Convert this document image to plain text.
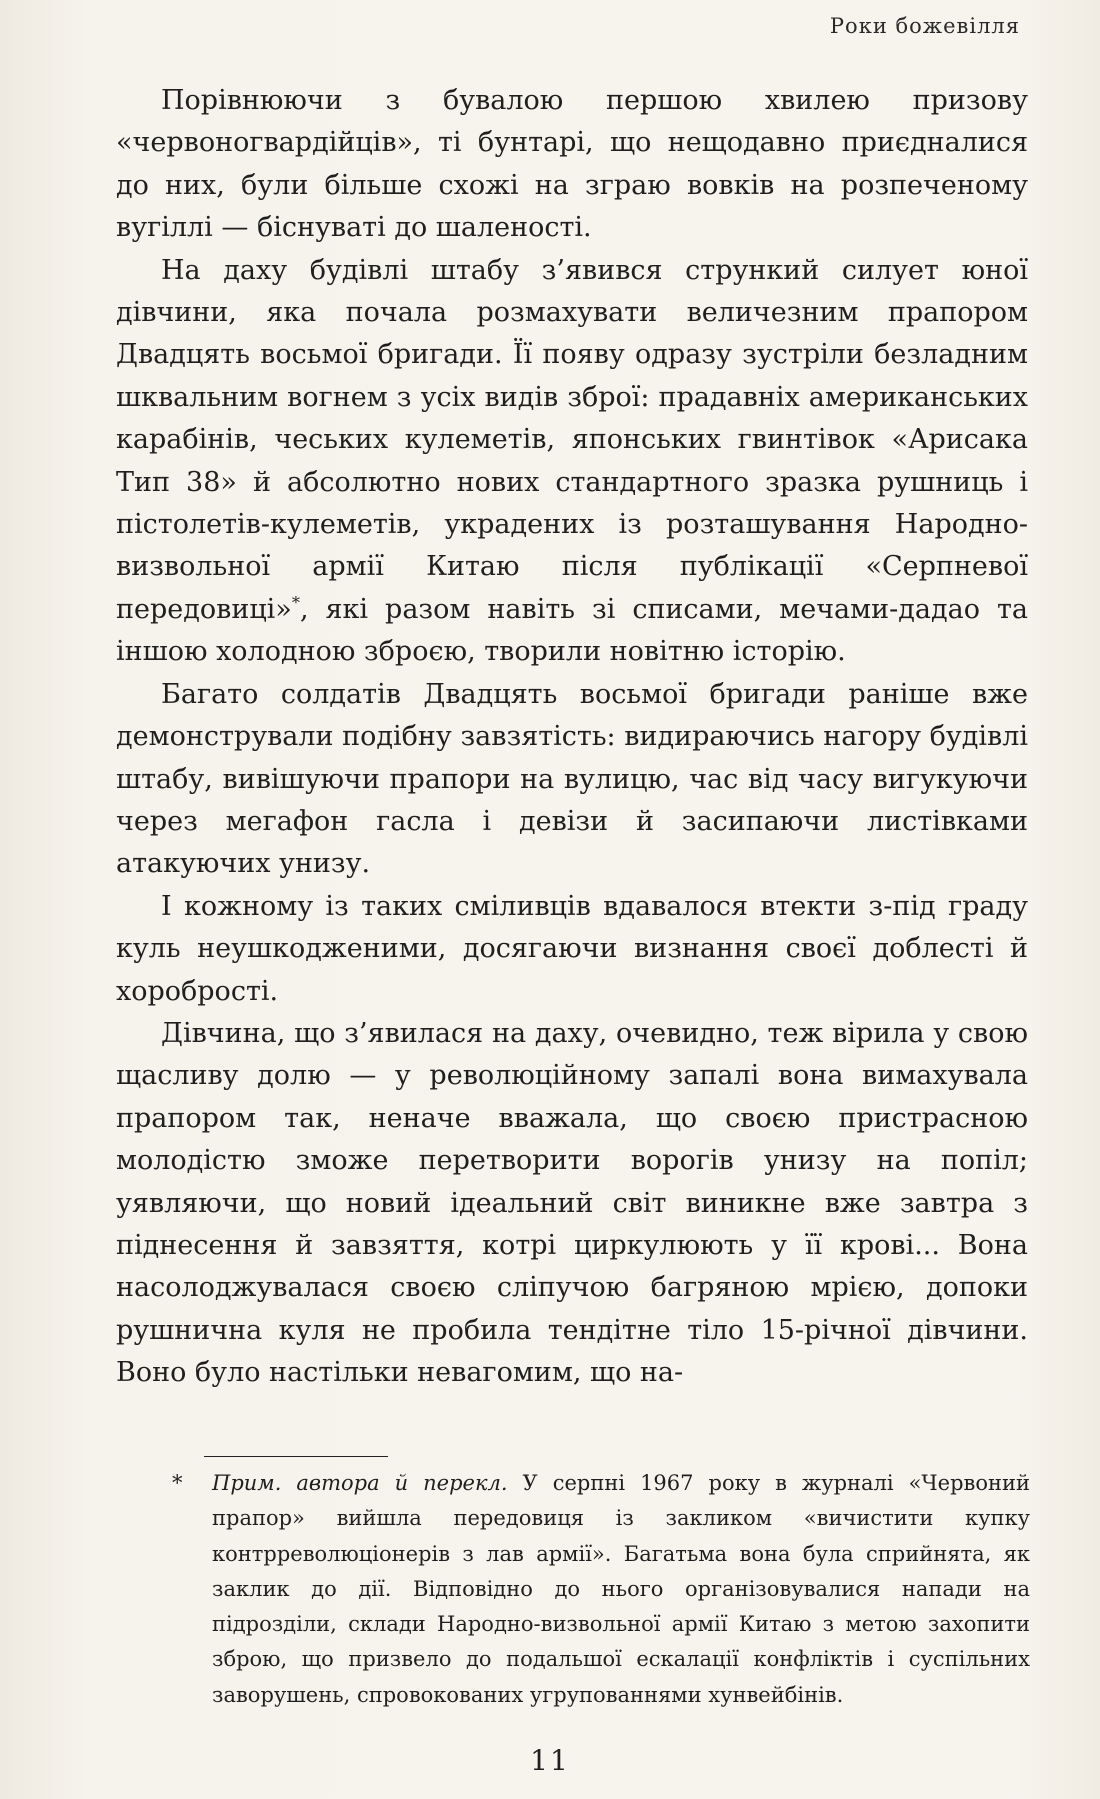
Роки божевілля

Порівнюючи з бувалою першою хвилею призову «червоногвардійців», ті бунтарі, що нещодавно приєдналися до них, були більше схожі на зграю вовків на розпеченому вугіллі — біснуваті до шаленості.

На даху будівлі штабу з’явився стрункий силует юної дівчини, яка почала розмахувати величезним прапором Двадцять восьмої бригади. Її появу одразу зустріли безладним шквальним вогнем з усіх видів зброї: прадавніх американських карабінів, чеських кулеметів, японських гвинтівок «Арисака Тип 38» й абсолютно нових стандартного зразка рушниць і пістолетів-кулеметів, украдених із розташування Народно-визвольної армії Китаю після публікації «Серпневої передовиці»*, які разом навіть зі списами, мечами-дадао та іншою холодною зброєю, творили новітню історію.

Багато солдатів Двадцять восьмої бригади раніше вже демонстрували подібну завзятість: видираючись нагору будівлі штабу, вивішуючи прапори на вулицю, час від часу вигукуючи через мегафон гасла і девізи й засипаючи листівками атакуючих унизу.

І кожному із таких сміливців вдавалося втекти з-під граду куль неушкодженими, досягаючи визнання своєї доблесті й хоробрості.

Дівчина, що з’явилася на даху, очевидно, теж вірила у свою щасливу долю — у революційному запалі вона вимахувала прапором так, неначе вважала, що своєю пристрасною молодістю зможе перетворити ворогів унизу на попіл; уявляючи, що новий ідеальний світ виникне вже завтра з піднесення й завзяття, котрі циркулюють у її крові... Вона насолоджувалася своєю сліпучою багряною мрією, допоки рушнична куля не пробила тендітне тіло 15-річної дівчини. Воно було настільки невагомим, що на-

* Прим. автора й перекл. У серпні 1967 року в журналі «Червоний прапор» вийшла передовиця із закликом «вичистити купку контрреволюціонерів з лав армії». Багатьма вона була сприйнята, як заклик до дії. Відповідно до нього організовувалися напади на підрозділи, склади Народно-визвольної армії Китаю з метою захопити зброю, що призвело до подальшої ескалації конфліктів і суспільних заворушень, спровокованих угрупованнями хунвейбінів.
11
